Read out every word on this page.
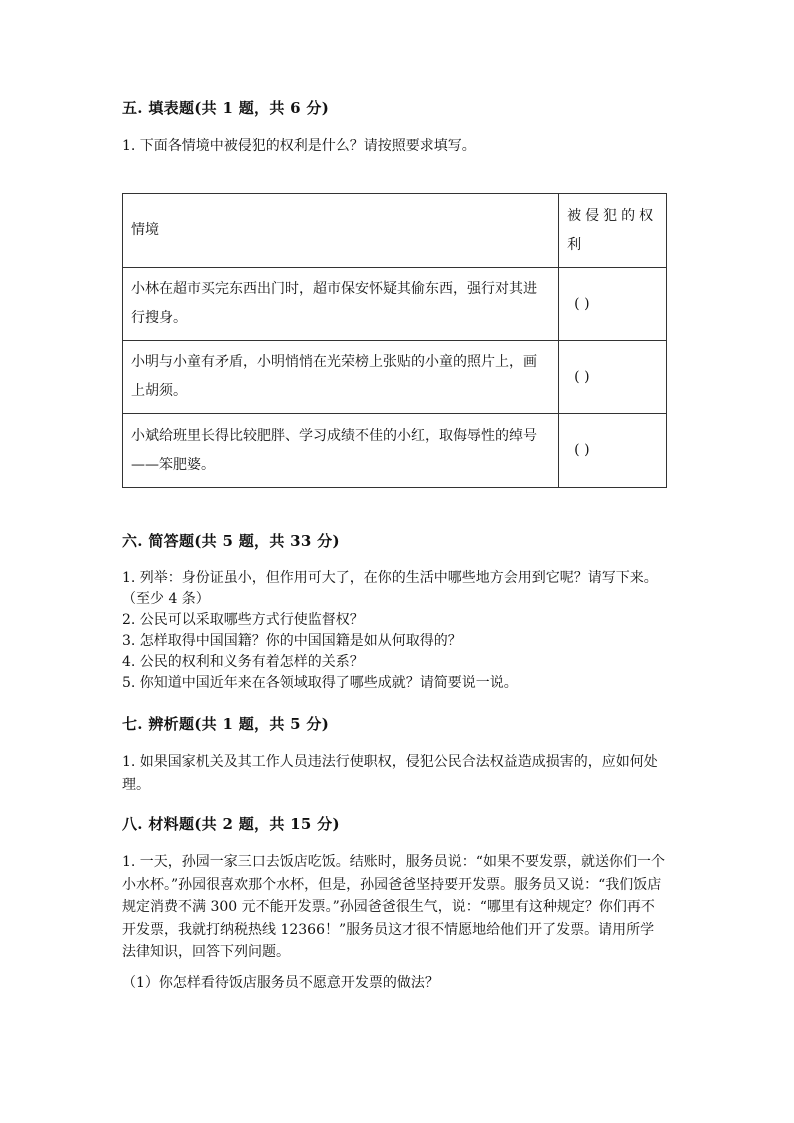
五. 填表题(共 1 题，共 6 分)
1. 下面各情境中被侵犯的权利是什么？请按照要求填写。
情境	被侵犯的权利
小林在超市买完东西出门时，超市保安怀疑其偷东西，强行对其进行搜身。	( )
小明与小童有矛盾，小明悄悄在光荣榜上张贴的小童的照片上，画上胡须。	( )
小斌给班里长得比较肥胖、学习成绩不佳的小红，取侮辱性的绰号——笨肥婆。	( )
六. 简答题(共 5 题，共 33 分)
1. 列举：身份证虽小，但作用可大了，在你的生活中哪些地方会用到它呢？请写下来。（至少 4 条）
2. 公民可以采取哪些方式行使监督权？
3. 怎样取得中国国籍？你的中国国籍是如从何取得的？
4. 公民的权利和义务有着怎样的关系？
5. 你知道中国近年来在各领域取得了哪些成就？请简要说一说。
七. 辨析题(共 1 题，共 5 分)
1. 如果国家机关及其工作人员违法行使职权，侵犯公民合法权益造成损害的，应如何处理。
八. 材料题(共 2 题，共 15 分)
1. 一天，孙园一家三口去饭店吃饭。结账时，服务员说：“如果不要发票，就送你们一个小水杯。”孙园很喜欢那个水杯，但是，孙园爸爸坚持要开发票。服务员又说：“我们饭店规定消费不满 300 元不能开发票。”孙园爸爸很生气，说：“哪里有这种规定？你们再不开发票，我就打纳税热线 12366！”服务员这才很不情愿地给他们开了发票。请用所学法律知识，回答下列问题。
（1）你怎样看待饭店服务员不愿意开发票的做法？
